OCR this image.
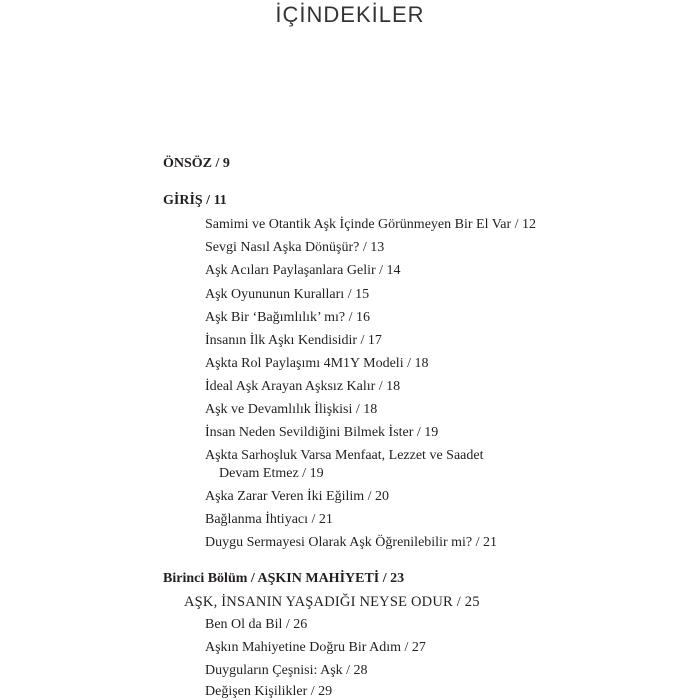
İÇİNDEKİLER
ÖNSÖZ / 9
GİRİŞ / 11
Samimi ve Otantik Aşk İçinde Görünmeyen Bir El Var / 12
Sevgi Nasıl Aşka Dönüşür? / 13
Aşk Acıları Paylaşanlara Gelir / 14
Aşk Oyununun Kuralları / 15
Aşk Bir ‘Bağımlılık’ mı? / 16
İnsanın İlk Aşkı Kendisidir / 17
Aşkta Rol Paylaşımı 4M1Y Modeli / 18
İdeal Aşk Arayan Aşksız Kalır / 18
Aşk ve Devamlılık İlişkisi / 18
İnsan Neden Sevildiğini Bilmek İster / 19
Aşkta Sarhoşluk Varsa Menfaat, Lezzet ve Saadet
Devam Etmez / 19
Aşka Zarar Veren İki Eğilim / 20
Bağlanma İhtiyacı / 21
Duygu Sermayesi Olarak Aşk Öğrenilebilir mi? / 21
Birinci Bölüm / AŞKIN MAHİYETİ / 23
AŞK, İNSANIN YAŞADIĞI NEYSE ODUR / 25
Ben Ol da Bil / 26
Aşkın Mahiyetine Doğru Bir Adım / 27
Duyguların Çeşnisi: Aşk / 28
Değişen Kişilikler / 29
